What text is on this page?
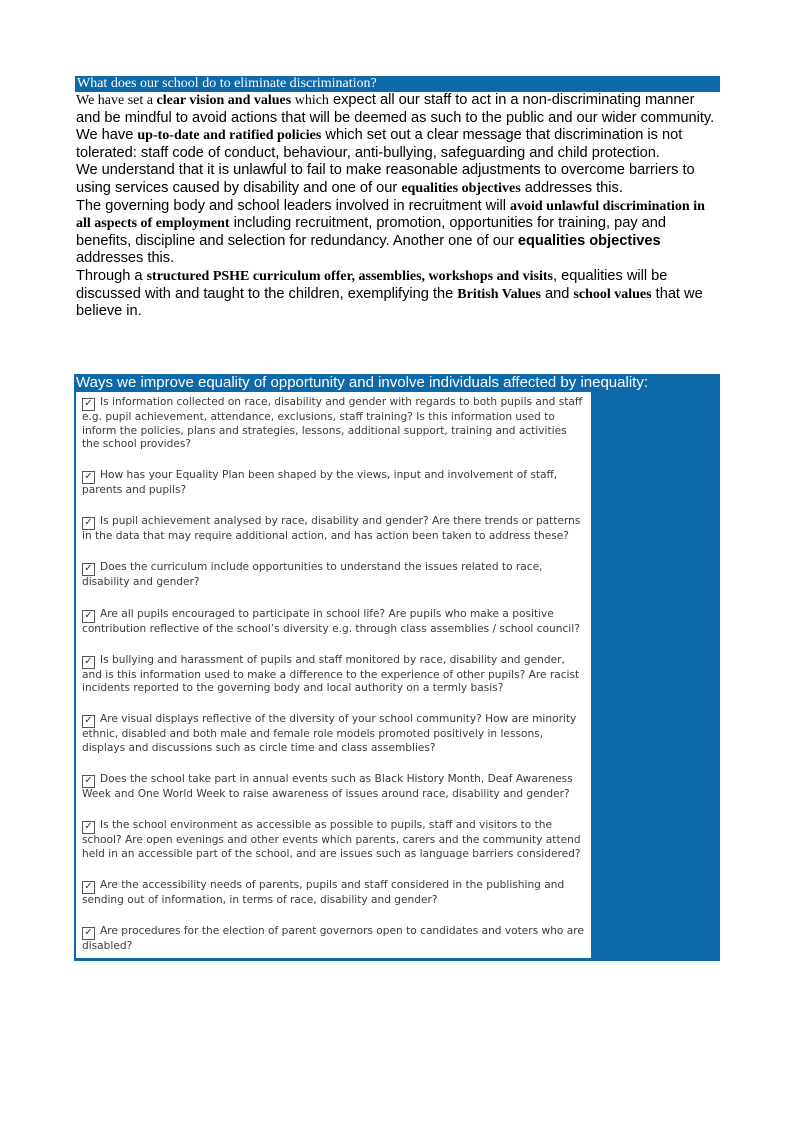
What does our school do to eliminate discrimination?

We have set a clear vision and values which expect all our staff to act in a non-discriminating manner and be mindful to avoid actions that will be deemed as such to the public and our wider community.

We have up-to-date and ratified policies which set out a clear message that discrimination is not tolerated: staff code of conduct, behaviour, anti-bullying, safeguarding and child protection.

We understand that it is unlawful to fail to make reasonable adjustments to overcome barriers to using services caused by disability and one of our equalities objectives addresses this.

The governing body and school leaders involved in recruitment will avoid unlawful discrimination in all aspects of employment including recruitment, promotion, opportunities for training, pay and benefits, discipline and selection for redundancy. Another one of our equalities objectives addresses this.

Through a structured PSHE curriculum offer, assemblies, workshops and visits, equalities will be discussed with and taught to the children, exemplifying the British Values and school values that we believe in.

Ways we improve equality of opportunity and involve individuals affected by inequality:

✓ Is information collected on race, disability and gender with regards to both pupils and staff e.g. pupil achievement, attendance, exclusions, staff training? Is this information used to inform the policies, plans and strategies, lessons, additional support, training and activities the school provides?

✓ How has your Equality Plan been shaped by the views, input and involvement of staff, parents and pupils?

✓ Is pupil achievement analysed by race, disability and gender? Are there trends or patterns in the data that may require additional action, and has action been taken to address these?

✓ Does the curriculum include opportunities to understand the issues related to race, disability and gender?

✓ Are all pupils encouraged to participate in school life? Are pupils who make a positive contribution reflective of the school’s diversity e.g. through class assemblies / school council?

✓ Is bullying and harassment of pupils and staff monitored by race, disability and gender, and is this information used to make a difference to the experience of other pupils? Are racist incidents reported to the governing body and local authority on a termly basis?

✓ Are visual displays reflective of the diversity of your school community? How are minority ethnic, disabled and both male and female role models promoted positively in lessons, displays and discussions such as circle time and class assemblies?

✓ Does the school take part in annual events such as Black History Month, Deaf Awareness Week and One World Week to raise awareness of issues around race, disability and gender?

✓ Is the school environment as accessible as possible to pupils, staff and visitors to the school? Are open evenings and other events which parents, carers and the community attend held in an accessible part of the school, and are issues such as language barriers considered?

✓ Are the accessibility needs of parents, pupils and staff considered in the publishing and sending out of information, in terms of race, disability and gender?

✓ Are procedures for the election of parent governors open to candidates and voters who are disabled?
